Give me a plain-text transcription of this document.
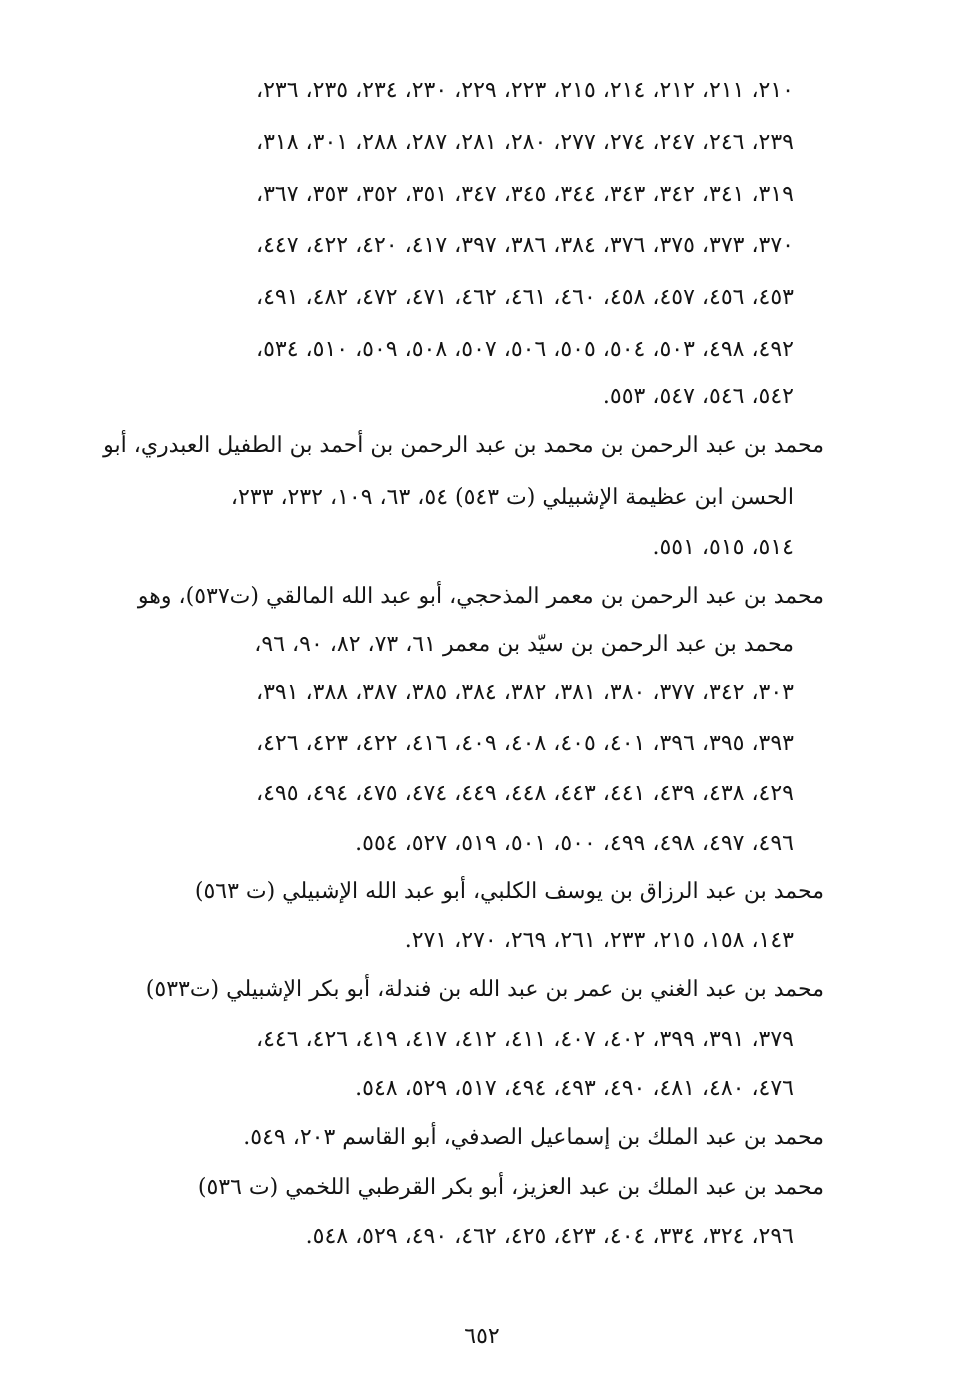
٢١٠، ٢١١، ٢١٢، ٢١٤، ٢١٥، ٢٢٣، ٢٢٩، ٢٣٠، ٢٣٤، ٢٣٥، ٢٣٦،
٢٣٩، ٢٤٦، ٢٤٧، ٢٧٤، ٢٧٧، ٢٨٠، ٢٨١، ٢٨٧، ٢٨٨، ٣٠١، ٣١٨،
٣١٩، ٣٤١، ٣٤٢، ٣٤٣، ٣٤٤، ٣٤٥، ٣٤٧، ٣٥١، ٣٥٢، ٣٥٣، ٣٦٧،
٣٧٠، ٣٧٣، ٣٧٥، ٣٧٦، ٣٨٤، ٣٨٦، ٣٩٧، ٤١٧، ٤٢٠، ٤٢٢، ٤٤٧،
٤٥٣، ٤٥٦، ٤٥٧، ٤٥٨، ٤٦٠، ٤٦١، ٤٦٢، ٤٧١، ٤٧٢، ٤٨٢، ٤٩١،
٤٩٢، ٤٩٨، ٥٠٣، ٥٠٤، ٥٠٥، ٥٠٦، ٥٠٧، ٥٠٨، ٥٠٩، ٥١٠، ٥٣٤،
٥٤٢، ٥٤٦، ٥٤٧، ٥٥٣.
محمد بن عبد الرحمن بن محمد بن عبد الرحمن بن أحمد بن الطفيل العبدري، أبو
الحسن ابن عظيمة الإشبيلي (ت ٥٤٣) ٥٤، ٦٣، ١٠٩، ٢٣٢، ٢٣٣،
٥١٤، ٥١٥، ٥٥١.
محمد بن عبد الرحمن بن معمر المذحجي، أبو عبد الله المالقي (ت٥٣٧)، وهو
محمد بن عبد الرحمن بن سيّد بن معمر ٦١، ٧٣، ٨٢، ٩٠، ٩٦،
٣٠٣، ٣٤٢، ٣٧٧، ٣٨٠، ٣٨١، ٣٨٢، ٣٨٤، ٣٨٥، ٣٨٧، ٣٨٨، ٣٩١،
٣٩٣، ٣٩٥، ٣٩٦، ٤٠١، ٤٠٥، ٤٠٨، ٤٠٩، ٤١٦، ٤٢٢، ٤٢٣، ٤٢٦،
٤٢٩، ٤٣٨، ٤٣٩، ٤٤١، ٤٤٣، ٤٤٨، ٤٤٩، ٤٧٤، ٤٧٥، ٤٩٤، ٤٩٥،
٤٩٦، ٤٩٧، ٤٩٨، ٤٩٩، ٥٠٠، ٥٠١، ٥١٩، ٥٢٧، ٥٥٤.
محمد بن عبد الرزاق بن يوسف الكلبي، أبو عبد الله الإشبيلي (ت ٥٦٣)
١٤٣، ١٥٨، ٢١٥، ٢٣٣، ٢٦١، ٢٦٩، ٢٧٠، ٢٧١.
محمد بن عبد الغني بن عمر بن عبد الله بن فندلة، أبو بكر الإشبيلي (ت٥٣٣)
٣٧٩، ٣٩١، ٣٩٩، ٤٠٢، ٤٠٧، ٤١١، ٤١٢، ٤١٧، ٤١٩، ٤٢٦، ٤٤٦،
٤٧٦، ٤٨٠، ٤٨١، ٤٩٠، ٤٩٣، ٤٩٤، ٥١٧، ٥٢٩، ٥٤٨.
محمد بن عبد الملك بن إسماعيل الصدفي، أبو القاسم ٢٠٣، ٥٤٩.
محمد بن عبد الملك بن عبد العزيز، أبو بكر القرطبي اللخمي (ت ٥٣٦)
٢٩٦، ٣٢٤، ٣٣٤، ٤٠٤، ٤٢٣، ٤٢٥، ٤٦٢، ٤٩٠، ٥٢٩، ٥٤٨.
٦٥٢
